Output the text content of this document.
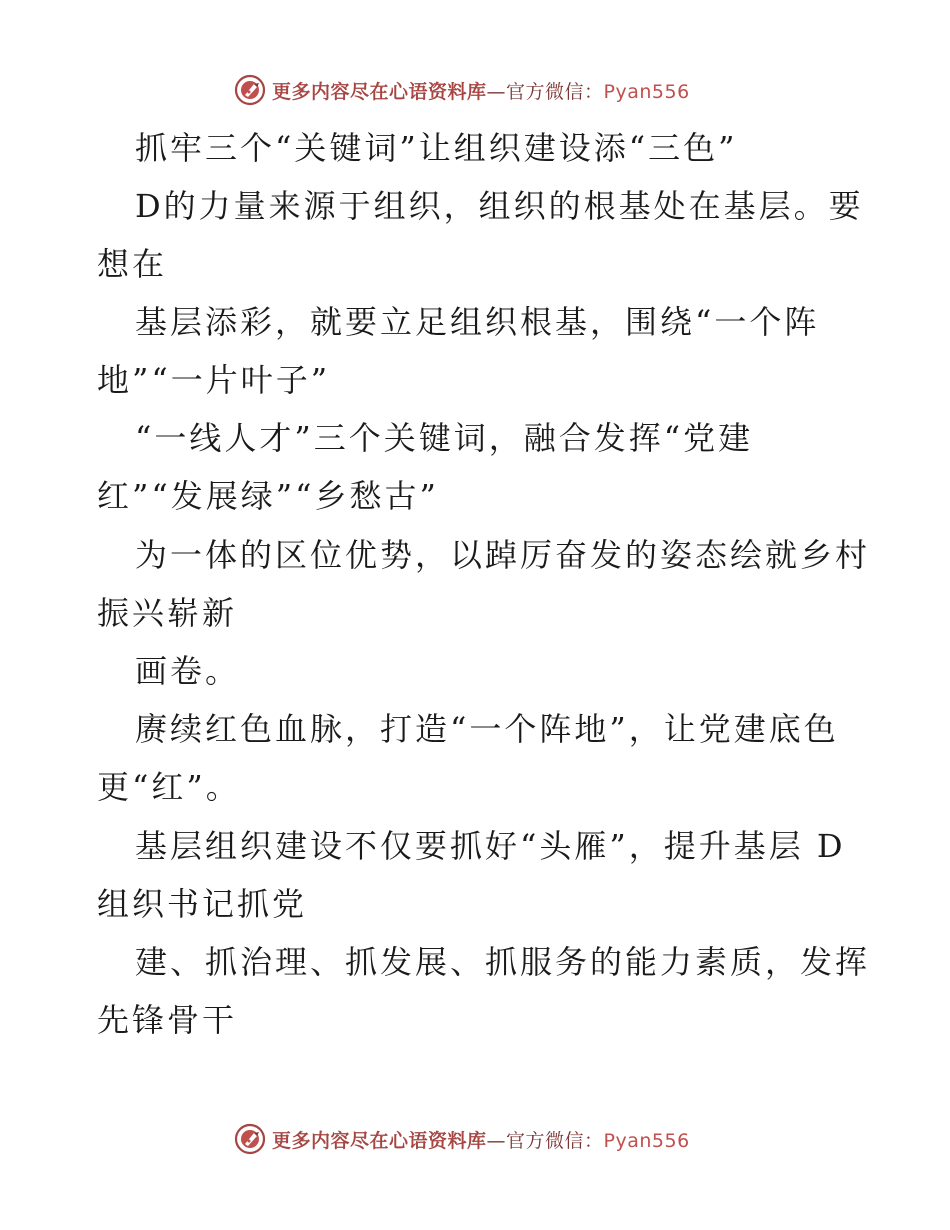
更多内容尽在心语资料库—官方微信：Pyan556
抓牢三个“关键词”让组织建设添“三色”
D的力量来源于组织，组织的根基处在基层。要
想在
基层添彩，就要立足组织根基，围绕“一个阵
地”“一片叶子”
“一线人才”三个关键词，融合发挥“党建
红”“发展绿”“乡愁古”
为一体的区位优势，以踔厉奋发的姿态绘就乡村
振兴崭新
画卷。
赓续红色血脉，打造“一个阵地”，让党建底色
更“红”。
基层组织建设不仅要抓好“头雁”，提升基层 D
组织书记抓党
建、抓治理、抓发展、抓服务的能力素质，发挥
先锋骨干
更多内容尽在心语资料库—官方微信：Pyan556
